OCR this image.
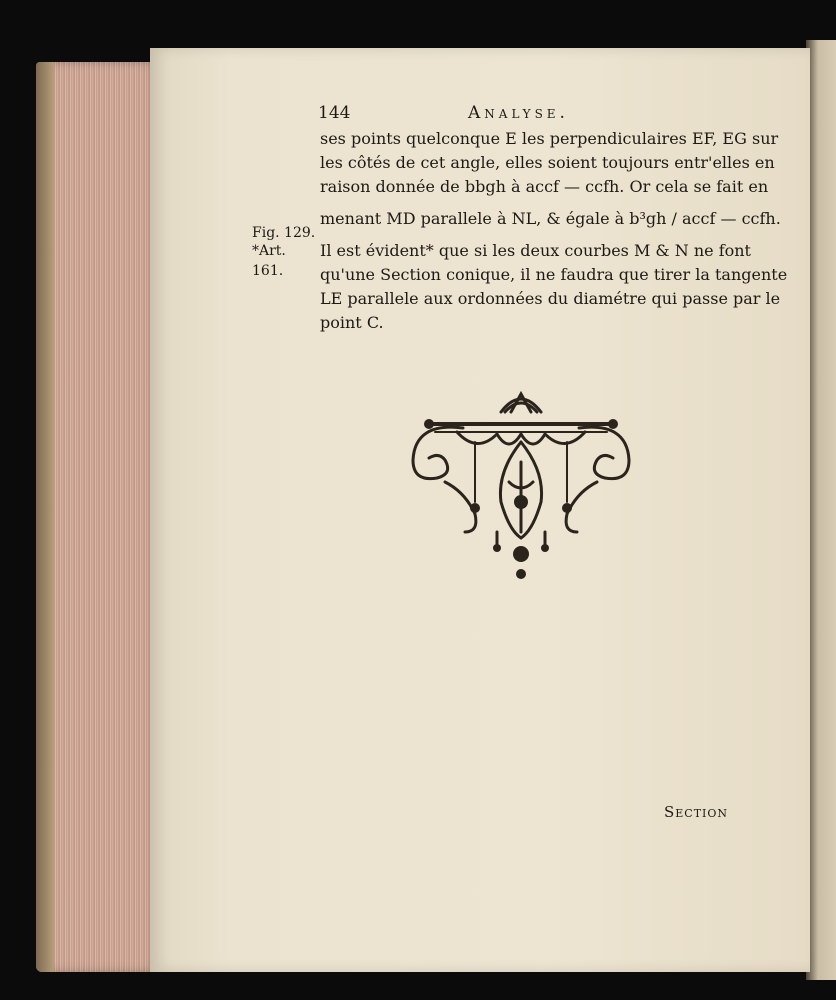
144	Analyse.
ses points quelconque E les perpendiculaires EF, EG sur
les côtés de cet angle, elles soient toujours entr'elles en
raison donnée de bbgh à accf — ccfh. Or cela se fait en
menant MD parallele à NL, & égale à b³gh / accf — ccfh.
Il est évident* que si les deux courbes M & N ne font
qu'une Section conique, il ne faudra que tirer la tangente
LE parallele aux ordonnées du diamétre qui passe par le
point C.
Fig. 129.
*Art. 161.
Section
